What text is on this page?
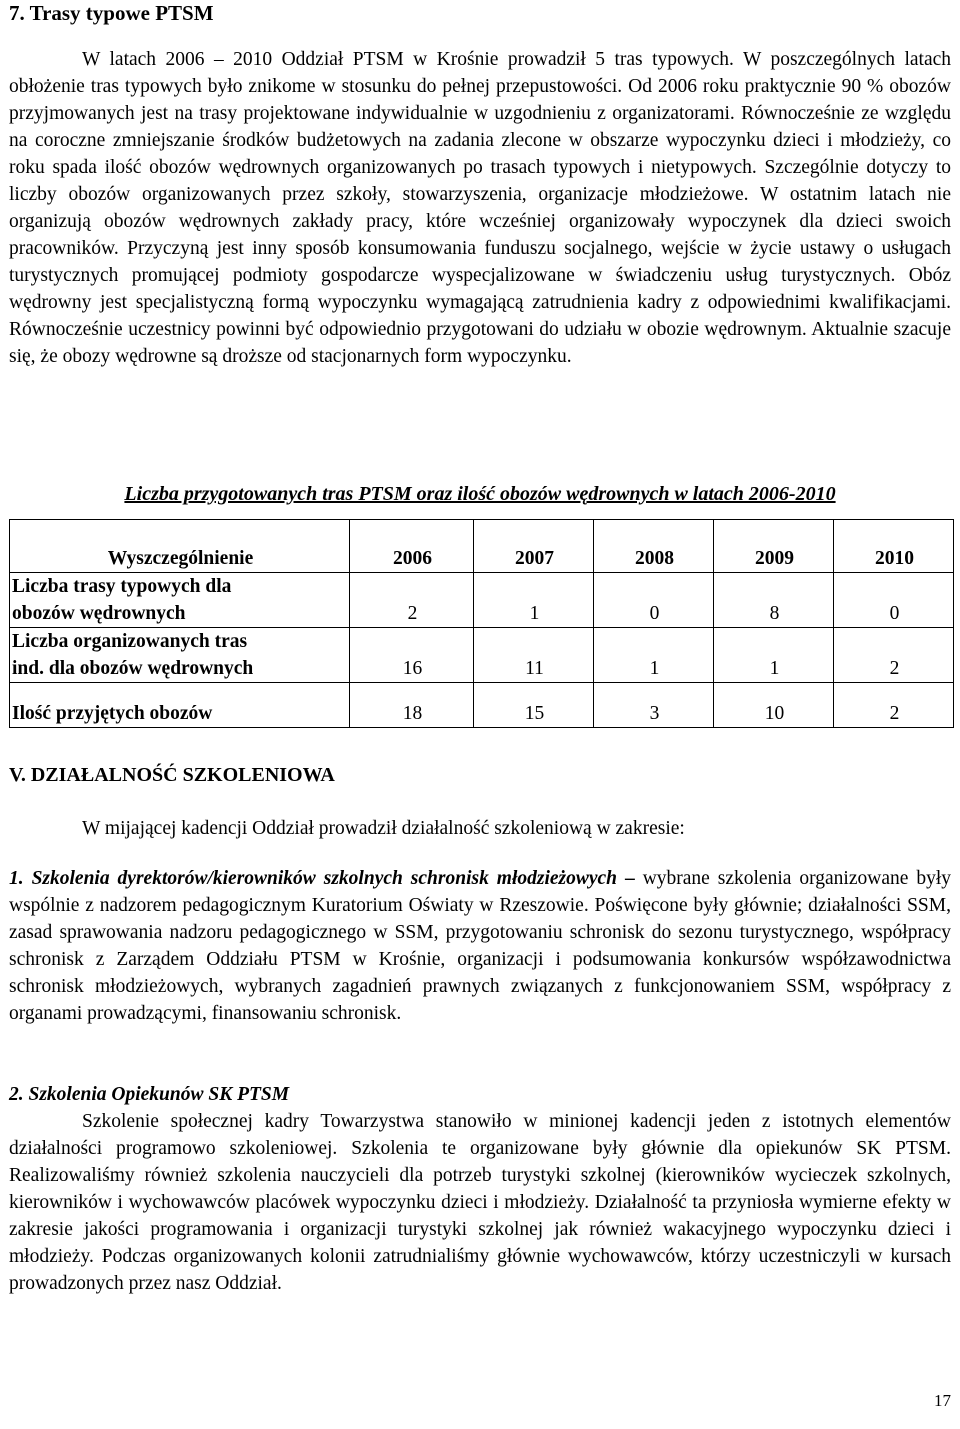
7. Trasy typowe PTSM

W latach 2006 – 2010 Oddział PTSM w Krośnie prowadził 5 tras typowych. W poszczególnych latach obłożenie tras typowych było znikome w stosunku do pełnej przepustowości. Od 2006 roku praktycznie 90 % obozów przyjmowanych jest na trasy projektowane indywidualnie w uzgodnieniu z organizatorami. Równocześnie ze względu na coroczne zmniejszanie środków budżetowych na zadania zlecone w obszarze wypoczynku dzieci i młodzieży, co roku spada ilość obozów wędrownych organizowanych po trasach typowych i nietypowych. Szczególnie dotyczy to liczby obozów organizowanych przez szkoły, stowarzyszenia, organizacje młodzieżowe. W ostatnim latach nie organizują obozów wędrownych zakłady pracy, które wcześniej organizowały wypoczynek dla dzieci swoich pracowników. Przyczyną jest inny sposób konsumowania funduszu socjalnego, wejście w życie ustawy o usługach turystycznych promującej podmioty gospodarcze wyspecjalizowane w świadczeniu usług turystycznych. Obóz wędrowny jest specjalistyczną formą wypoczynku wymagającą zatrudnienia kadry z odpowiednimi kwalifikacjami. Równocześnie uczestnicy powinni być odpowiednio przygotowani do udziału w obozie wędrownym. Aktualnie szacuje się, że obozy wędrowne są droższe od stacjonarnych form wypoczynku.

Liczba przygotowanych tras PTSM oraz ilość obozów wędrownych w latach 2006-2010
Wyszczególnienie	2006	2007	2008	2009	2010

Liczba trasy typowych dla
obozów wędrownych	2	1	0	8	0

Liczba organizowanych tras
ind. dla obozów wędrownych	16	11	1	1	2

Ilość przyjętych obozów	18	15	3	10	2
V. DZIAŁALNOŚĆ SZKOLENIOWA

W mijającej kadencji Oddział prowadził działalność szkoleniową w zakresie:

1. Szkolenia dyrektorów/kierowników szkolnych schronisk młodzieżowych – wybrane szkolenia organizowane były wspólnie z nadzorem pedagogicznym Kuratorium Oświaty w Rzeszowie. Poświęcone były głównie; działalności SSM, zasad sprawowania nadzoru pedagogicznego w SSM, przygotowaniu schronisk do sezonu turystycznego, współpracy schronisk z Zarządem Oddziału PTSM w Krośnie, organizacji i podsumowania konkursów współzawodnictwa schronisk młodzieżowych, wybranych zagadnień prawnych związanych z funkcjonowaniem SSM, współpracy z organami prowadzącymi, finansowaniu schronisk.

2. Szkolenia Opiekunów SK PTSM

Szkolenie społecznej kadry Towarzystwa stanowiło w minionej kadencji jeden z istotnych elementów działalności programowo szkoleniowej. Szkolenia te organizowane były głównie dla opiekunów SK PTSM. Realizowaliśmy również szkolenia nauczycieli dla potrzeb turystyki szkolnej (kierowników wycieczek szkolnych, kierowników i wychowawców placówek wypoczynku dzieci i młodzieży. Działalność ta przyniosła wymierne efekty w zakresie jakości programowania i organizacji turystyki szkolnej jak również wakacyjnego wypoczynku dzieci i młodzieży. Podczas organizowanych kolonii zatrudnialiśmy głównie wychowawców, którzy uczestniczyli w kursach prowadzonych przez nasz Oddział.

17
